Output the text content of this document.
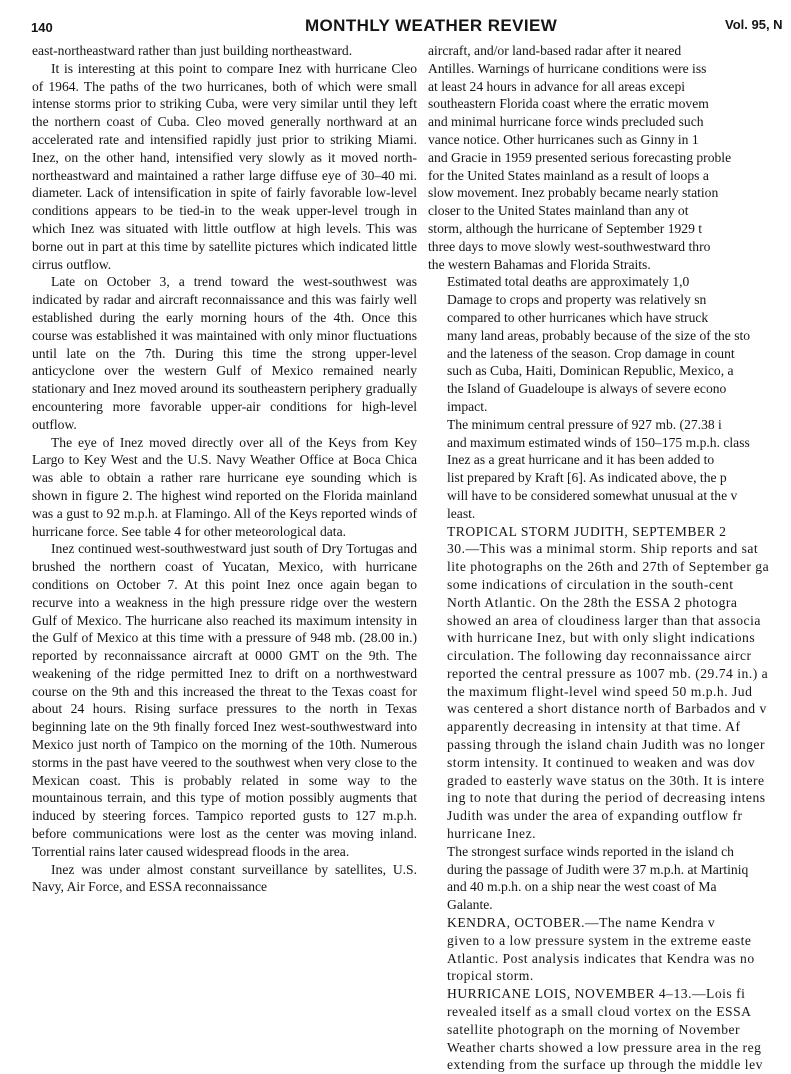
140	MONTHLY WEATHER REVIEW	Vol. 95, N

east-northeastward rather than just building northeastward.

It is interesting at this point to compare Inez with hurricane Cleo of 1964. The paths of the two hurricanes, both of which were small intense storms prior to striking Cuba, were very similar until they left the northern coast of Cuba. Cleo moved generally northward at an accelerated rate and intensified rapidly just prior to striking Miami. Inez, on the other hand, intensified very slowly as it moved north-northeastward and maintained a rather large diffuse eye of 30–40 mi. diameter. Lack of intensification in spite of fairly favorable low-level conditions appears to be tied-in to the weak upper-level trough in which Inez was situated with little outflow at high levels. This was borne out in part at this time by satellite pictures which indicated little cirrus outflow.

Late on October 3, a trend toward the west-southwest was indicated by radar and aircraft reconnaissance and this was fairly well established during the early morning hours of the 4th. Once this course was established it was maintained with only minor fluctuations until late on the 7th. During this time the strong upper-level anticyclone over the western Gulf of Mexico remained nearly stationary and Inez moved around its southeastern periphery gradually encountering more favorable upper-air conditions for high-level outflow.

The eye of Inez moved directly over all of the Keys from Key Largo to Key West and the U.S. Navy Weather Office at Boca Chica was able to obtain a rather rare hurricane eye sounding which is shown in figure 2. The highest wind reported on the Florida mainland was a gust to 92 m.p.h. at Flamingo. All of the Keys reported winds of hurricane force. See table 4 for other meteorological data.

Inez continued west-southwestward just south of Dry Tortugas and brushed the northern coast of Yucatan, Mexico, with hurricane conditions on October 7. At this point Inez once again began to recurve into a weakness in the high pressure ridge over the western Gulf of Mexico. The hurricane also reached its maximum intensity in the Gulf of Mexico at this time with a pressure of 948 mb. (28.00 in.) reported by reconnaissance aircraft at 0000 GMT on the 9th. The weakening of the ridge permitted Inez to drift on a northwestward course on the 9th and this increased the threat to the Texas coast for about 24 hours. Rising surface pressures to the north in Texas beginning late on the 9th finally forced Inez west-southwestward into Mexico just north of Tampico on the morning of the 10th. Numerous storms in the past have veered to the southwest when very close to the Mexican coast. This is probably related in some way to the mountainous terrain, and this type of motion possibly augments that induced by steering forces. Tampico reported gusts to 127 m.p.h. before communications were lost as the center was moving inland. Torrential rains later caused widespread floods in the area.

Inez was under almost constant surveillance by satellites, U.S. Navy, Air Force, and ESSA reconnaissance

aircraft, and/or land-based radar after it neared
Antilles. Warnings of hurricane conditions were iss
at least 24 hours in advance for all areas excepi
southeastern Florida coast where the erratic movem
and minimal hurricane force winds precluded such
vance notice. Other hurricanes such as Ginny in 1
and Gracie in 1959 presented serious forecasting proble
for the United States mainland as a result of loops a
slow movement. Inez probably became nearly station
closer to the United States mainland than any ot
storm, although the hurricane of September 1929 t
three days to move slowly west-southwestward thro
the western Bahamas and Florida Straits.

Estimated total deaths are approximately 1,0
Damage to crops and property was relatively sn
compared to other hurricanes which have struck
many land areas, probably because of the size of the sto
and the lateness of the season. Crop damage in count
such as Cuba, Haiti, Dominican Republic, Mexico, a
the Island of Guadeloupe is always of severe econo
impact.

The minimum central pressure of 927 mb. (27.38 i
and maximum estimated winds of 150–175 m.p.h. class
Inez as a great hurricane and it has been added to
list prepared by Kraft [6]. As indicated above, the p
will have to be considered somewhat unusual at the v
least.

TROPICAL STORM JUDITH, SEPTEMBER 2
30.—This was a minimal storm. Ship reports and sat
lite photographs on the 26th and 27th of September ga
some indications of circulation in the south-cent
North Atlantic. On the 28th the ESSA 2 photogra
showed an area of cloudiness larger than that associa
with hurricane Inez, but with only slight indications
circulation. The following day reconnaissance aircr
reported the central pressure as 1007 mb. (29.74 in.) a
the maximum flight-level wind speed 50 m.p.h. Jud
was centered a short distance north of Barbados and v
apparently decreasing in intensity at that time. Af
passing through the island chain Judith was no longer
storm intensity. It continued to weaken and was dov
graded to easterly wave status on the 30th. It is intere
ing to note that during the period of decreasing intens
Judith was under the area of expanding outflow fr
hurricane Inez.

The strongest surface winds reported in the island ch
during the passage of Judith were 37 m.p.h. at Martiniq
and 40 m.p.h. on a ship near the west coast of Ma
Galante.

KENDRA, OCTOBER.—The name Kendra v
given to a low pressure system in the extreme easte
Atlantic. Post analysis indicates that Kendra was no
tropical storm.

HURRICANE LOIS, NOVEMBER 4–13.—Lois fi
revealed itself as a small cloud vortex on the ESSA
satellite photograph on the morning of November
Weather charts showed a low pressure area in the reg
extending from the surface up through the middle lev
